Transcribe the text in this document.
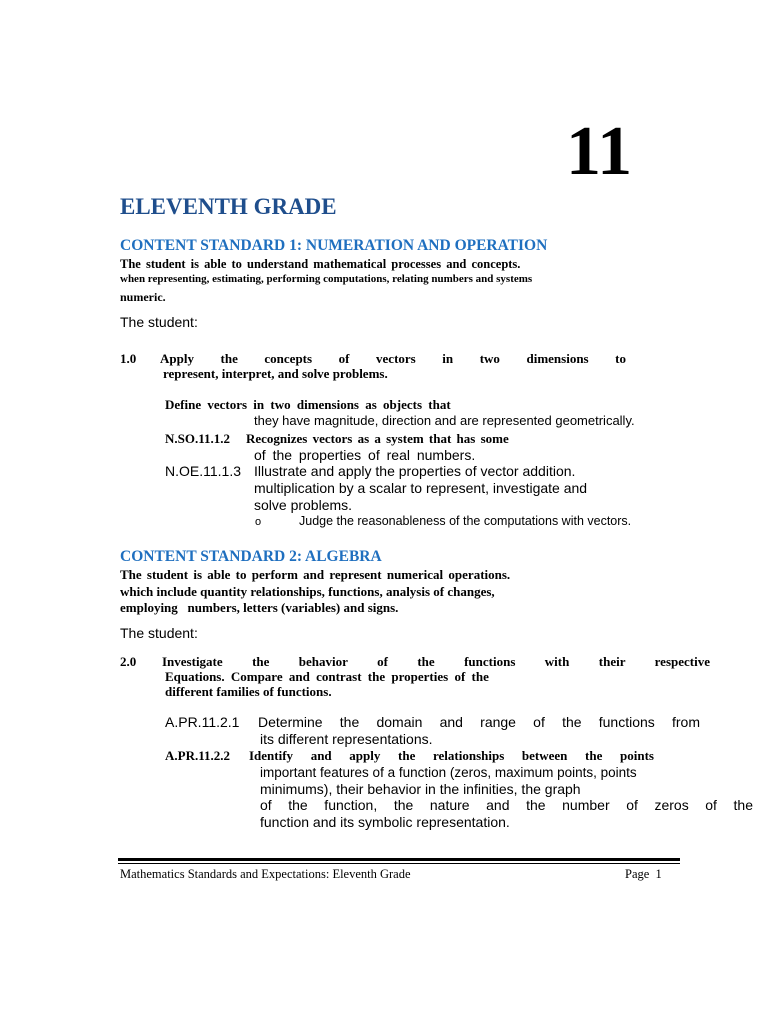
11
ELEVENTH GRADE
CONTENT STANDARD 1: NUMERATION AND OPERATION
The student is able to understand mathematical processes and concepts.
when representing, estimating, performing computations, relating numbers and systems
numeric.
The student:
1.0 Apply the concepts of vectors in two dimensions to
represent, interpret, and solve problems.
Define vectors in two dimensions as objects that
they have magnitude, direction and are represented geometrically.
N.SO.11.1.2 Recognizes vectors as a system that has some
of the properties of real numbers.
N.OE.11.1.3 Illustrate and apply the properties of vector addition.
multiplication by a scalar to represent, investigate and
solve problems.
o	Judge the reasonableness of the computations with vectors.
CONTENT STANDARD 2: ALGEBRA
The student is able to perform and represent numerical operations.
which include quantity relationships, functions, analysis of changes,
employing   numbers, letters (variables) and signs.
The student:
2.0 Investigate the behavior of the functions with their respective
Equations. Compare and contrast the properties of the
different families of functions.
A.PR.11.2.1 Determine the domain and range of the functions from
its different representations.
A.PR.11.2.2 Identify and apply the relationships between the points
important features of a function (zeros, maximum points, points
minimums), their behavior in the infinities, the graph
of the function, the nature and the number of zeros of the
function and its symbolic representation.
Mathematics Standards and Expectations: Eleventh Grade	Page  1
